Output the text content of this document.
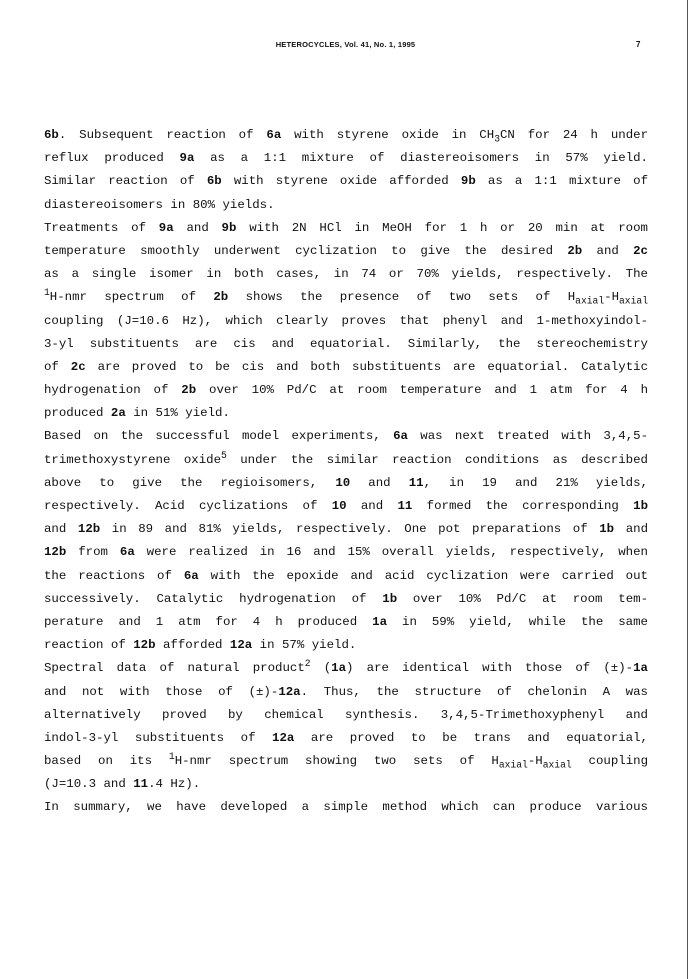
HETEROCYCLES, Vol. 41, No. 1, 1995	7
6b. Subsequent reaction of 6a with styrene oxide in $CH_3CN$ for 24 h under
reflux produced 9a as a 1:1 mixture of diastereoisomers in 57% yield.
Similar reaction of 6b with styrene oxide afforded 9b as a 1:1 mixture of
diastereoisomers in 80% yields.
Treatments of 9a and 9b with 2N HCl in MeOH for 1 h or 20 min at room
temperature smoothly underwent cyclization to give the desired 2b and 2c
as a single isomer in both cases, in 74 or 70% yields, respectively. The
$^1$H-nmr spectrum of 2b shows the presence of two sets of $H_{axial}-H_{axial}$
coupling (J=10.6 Hz), which clearly proves that phenyl and 1-methoxyindol-
3-yl substituents are cis and equatorial. Similarly, the stereochemistry
of 2c are proved to be cis and both substituents are equatorial. Catalytic
hydrogenation of 2b over 10% Pd/C at room temperature and 1 atm for 4 h
produced 2a in 51% yield.
Based on the successful model experiments, 6a was next treated with 3,4,5-
trimethoxystyrene oxide$^5$ under the similar reaction conditions as described
above to give the regioisomers, 10 and 11, in 19 and 21% yields,
respectively. Acid cyclizations of 10 and 11 formed the corresponding 1b
and 12b in 89 and 81% yields, respectively. One pot preparations of 1b and
12b from 6a were realized in 16 and 15% overall yields, respectively, when
the reactions of 6a with the epoxide and acid cyclization were carried out
successively. Catalytic hydrogenation of 1b over 10% Pd/C at room tem-
perature and 1 atm for 4 h produced 1a in 59% yield, while the same
reaction of 12b afforded 12a in 57% yield.
Spectral data of natural product$^2$ (1a) are identical with those of (±)-1a
and not with those of (±)-12a. Thus, the structure of chelonin A was
alternatively proved by chemical synthesis. 3,4,5-Trimethoxyphenyl and
indol-3-yl substituents of 12a are proved to be trans and equatorial,
based on its $^1$H-nmr spectrum showing two sets of $H_{axial}-H_{axial}$ coupling
(J=10.3 and 11.4 Hz).
In summary, we have developed a simple method which can produce various
